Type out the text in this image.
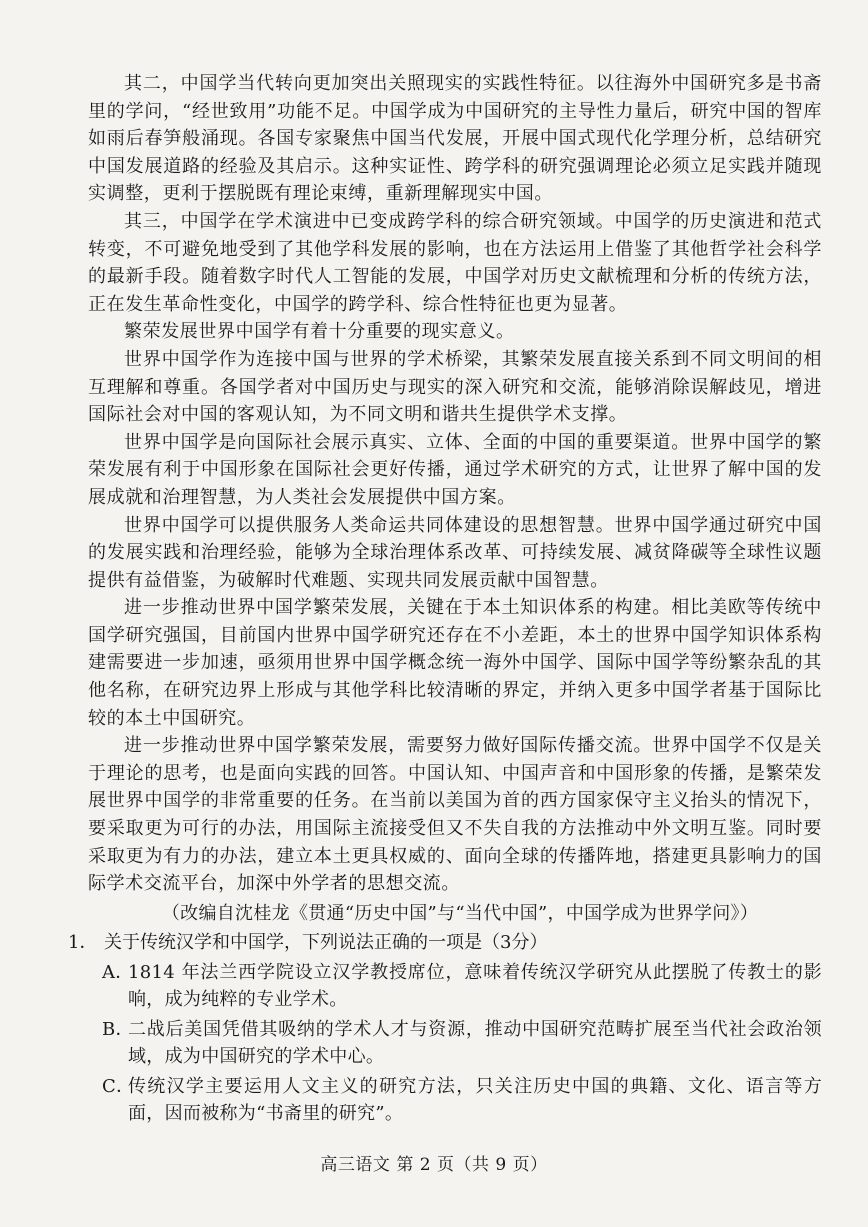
其二，中国学当代转向更加突出关照现实的实践性特征。以往海外中国研究多是书斋里的学问，“经世致用”功能不足。中国学成为中国研究的主导性力量后，研究中国的智库如雨后春笋般涌现。各国专家聚焦中国当代发展，开展中国式现代化学理分析，总结研究中国发展道路的经验及其启示。这种实证性、跨学科的研究强调理论必须立足实践并随现实调整，更利于摆脱既有理论束缚，重新理解现实中国。

其三，中国学在学术演进中已变成跨学科的综合研究领域。中国学的历史演进和范式转变，不可避免地受到了其他学科发展的影响，也在方法运用上借鉴了其他哲学社会科学的最新手段。随着数字时代人工智能的发展，中国学对历史文献梳理和分析的传统方法，正在发生革命性变化，中国学的跨学科、综合性特征也更为显著。

繁荣发展世界中国学有着十分重要的现实意义。

世界中国学作为连接中国与世界的学术桥梁，其繁荣发展直接关系到不同文明间的相互理解和尊重。各国学者对中国历史与现实的深入研究和交流，能够消除误解歧见，增进国际社会对中国的客观认知，为不同文明和谐共生提供学术支撑。

世界中国学是向国际社会展示真实、立体、全面的中国的重要渠道。世界中国学的繁荣发展有利于中国形象在国际社会更好传播，通过学术研究的方式，让世界了解中国的发展成就和治理智慧，为人类社会发展提供中国方案。

世界中国学可以提供服务人类命运共同体建设的思想智慧。世界中国学通过研究中国的发展实践和治理经验，能够为全球治理体系改革、可持续发展、减贫降碳等全球性议题提供有益借鉴，为破解时代难题、实现共同发展贡献中国智慧。

进一步推动世界中国学繁荣发展，关键在于本土知识体系的构建。相比美欧等传统中国学研究强国，目前国内世界中国学研究还存在不小差距，本土的世界中国学知识体系构建需要进一步加速，亟须用世界中国学概念统一海外中国学、国际中国学等纷繁杂乱的其他名称，在研究边界上形成与其他学科比较清晰的界定，并纳入更多中国学者基于国际比较的本土中国研究。

进一步推动世界中国学繁荣发展，需要努力做好国际传播交流。世界中国学不仅是关于理论的思考，也是面向实践的回答。中国认知、中国声音和中国形象的传播，是繁荣发展世界中国学的非常重要的任务。在当前以美国为首的西方国家保守主义抬头的情况下，要采取更为可行的办法，用国际主流接受但又不失自我的方法推动中外文明互鉴。同时要采取更为有力的办法，建立本土更具权威的、面向全球的传播阵地，搭建更具影响力的国际学术交流平台，加深中外学者的思想交流。

（改编自沈桂龙《贯通“历史中国”与“当代中国”，中国学成为世界学问》）
1． 关于传统汉学和中国学，下列说法正确的一项是（3分）
A．
1814 年法兰西学院设立汉学教授席位，意味着传统汉学研究从此摆脱了传教士的影响，成为纯粹的专业学术。
B．
二战后美国凭借其吸纳的学术人才与资源，推动中国研究范畴扩展至当代社会政治领域，成为中国研究的学术中心。
C．
传统汉学主要运用人文主义的研究方法，只关注历史中国的典籍、文化、语言等方面，因而被称为“书斋里的研究”。
高三语文 第 2 页（共 9 页）
